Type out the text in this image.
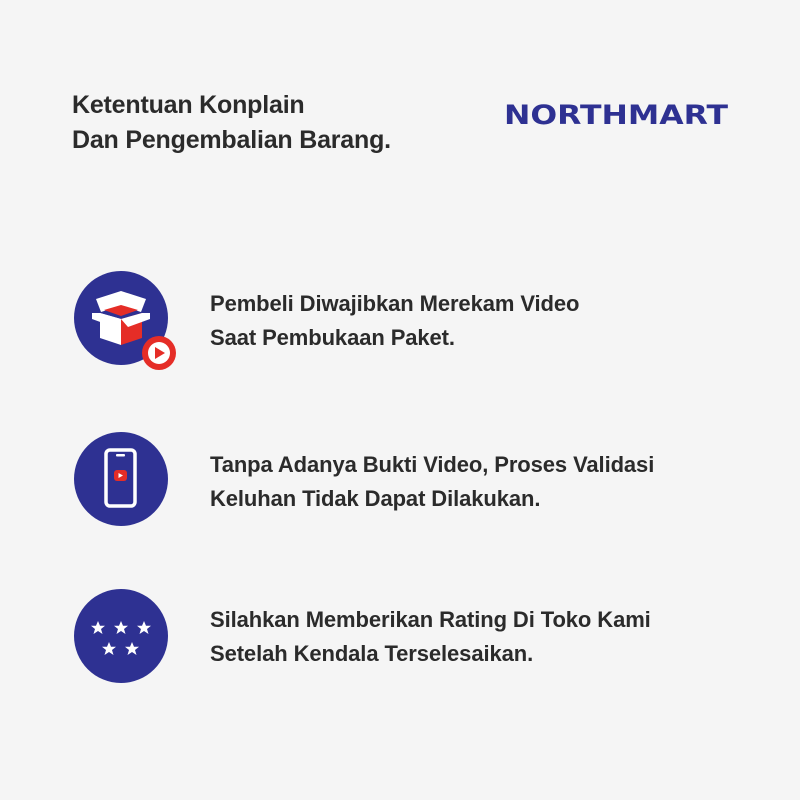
Ketentuan Konplain
Dan Pengembalian Barang.
NORTHMART
Pembeli Diwajibkan Merekam Video
Saat Pembukaan Paket.
Tanpa Adanya Bukti Video, Proses Validasi
Keluhan Tidak Dapat Dilakukan.
Silahkan Memberikan Rating Di Toko Kami
Setelah Kendala Terselesaikan.
